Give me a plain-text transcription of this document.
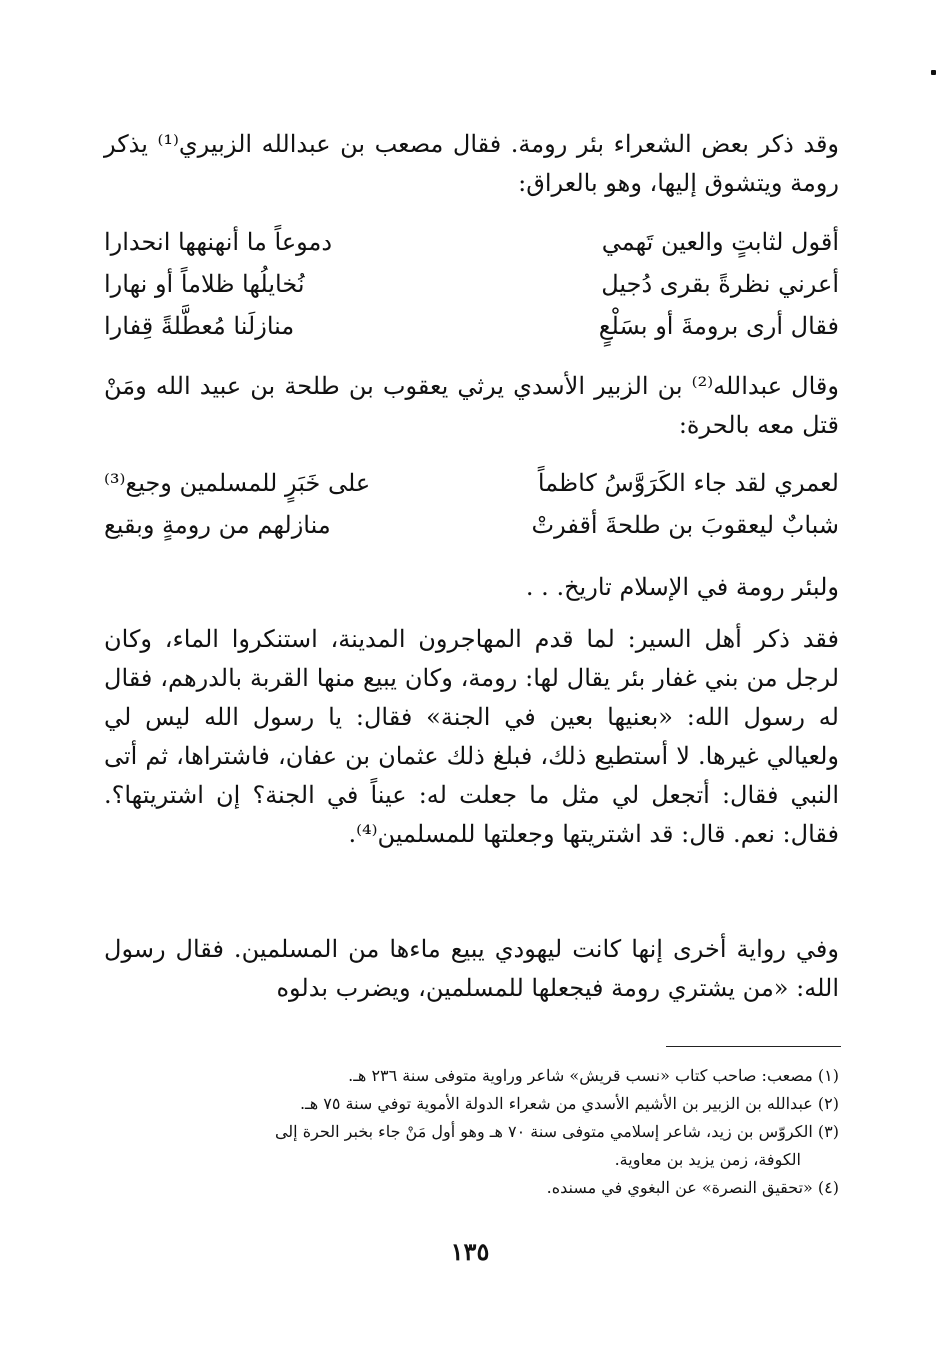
وقد ذكر بعض الشعراء بئر رومة. فقال مصعب بن عبدالله الزبيري⁽¹⁾ يذكر رومة ويتشوق إليها، وهو بالعراق:
أقول لثابتٍ والعين تَهمي
دموعاً ما أنهنهها انحدارا
أعرني نظرةً بقرى دُجيل
نُخايلُها ظلاماً أو نهارا
فقال أرى برومةَ أو بسَلْعٍ
منازلَنا مُعطَّلةً قِفارا
وقال عبدالله⁽²⁾ بن الزبير الأسدي يرثي يعقوب بن طلحة بن عبيد الله ومَنْ قتل معه بالحرة:
لعمري لقد جاء الكَرَوَّسُ كاظماً
على خَبَرٍ للمسلمين وجيع⁽³⁾
شبابٌ ليعقوبَ بن طلحةَ أقفرتْ
منازلهم من رومةٍ وبقيع
ولبئر رومة في الإسلام تاريخ. . .
فقد ذكر أهل السير: لما قدم المهاجرون المدينة، استنكروا الماء، وكان لرجل من بني غفار بئر يقال لها: رومة، وكان يبيع منها القربة بالدرهم، فقال له رسول الله: «بعنيها بعين في الجنة» فقال: يا رسول الله ليس لي ولعيالي غيرها. لا أستطيع ذلك، فبلغ ذلك عثمان بن عفان، فاشتراها، ثم أتى النبي فقال: أتجعل لي مثل ما جعلت له: عيناً في الجنة؟ إن اشتريتها؟. فقال: نعم. قال: قد اشتريتها وجعلتها للمسلمين⁽⁴⁾.
وفي رواية أخرى إنها كانت ليهودي يبيع ماءها من المسلمين. فقال رسول الله: «من يشتري رومة فيجعلها للمسلمين، ويضرب بدلوه

(١) مصعب: صاحب كتاب «نسب قريش» شاعر وراوية متوفى سنة ٢٣٦ هـ.

(٢) عبدالله بن الزبير بن الأشيم الأسدي من شعراء الدولة الأموية توفي سنة ٧٥ هـ.

(٣) الكروّس بن زيد، شاعر إسلامي متوفى سنة ٧٠ هـ وهو أول مَنْ جاء بخبر الحرة إلى

الكوفة، زمن يزيد بن معاوية.

(٤) «تحقيق النصرة» عن البغوي في مسنده.

١٣٥
